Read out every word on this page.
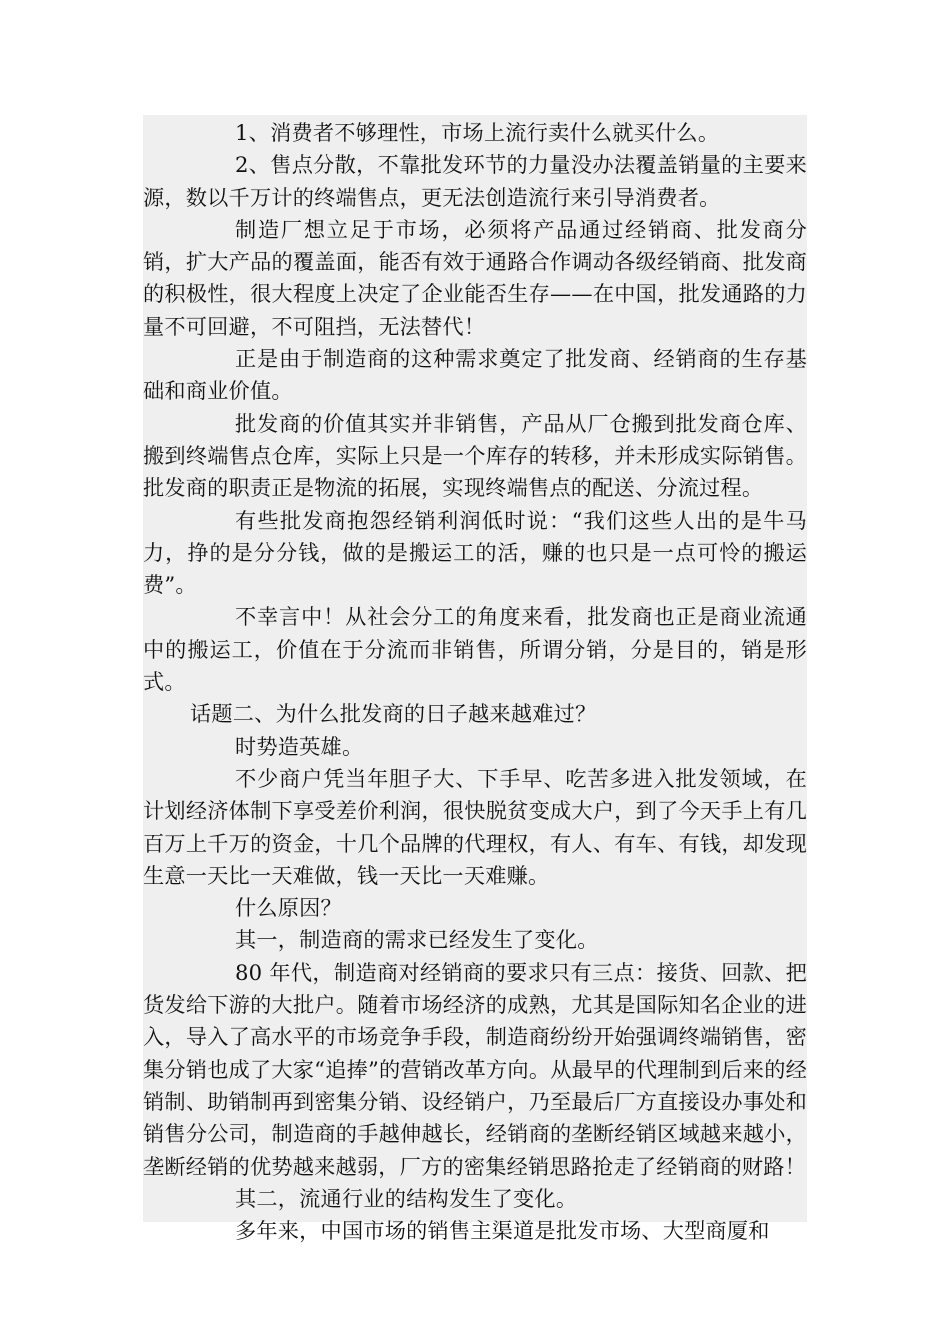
1、消费者不够理性，市场上流行卖什么就买什么。

2、售点分散，不靠批发环节的力量没办法覆盖销量的主要来源，数以千万计的终端售点，更无法创造流行来引导消费者。

制造厂想立足于市场，必须将产品通过经销商、批发商分销，扩大产品的覆盖面，能否有效于通路合作调动各级经销商、批发商的积极性，很大程度上决定了企业能否生存——在中国，批发通路的力量不可回避，不可阻挡，无法替代！

正是由于制造商的这种需求奠定了批发商、经销商的生存基础和商业价值。

批发商的价值其实并非销售，产品从厂仓搬到批发商仓库、搬到终端售点仓库，实际上只是一个库存的转移，并未形成实际销售。批发商的职责正是物流的拓展，实现终端售点的配送、分流过程。

有些批发商抱怨经销利润低时说：“我们这些人出的是牛马力，挣的是分分钱，做的是搬运工的活，赚的也只是一点可怜的搬运费”。

不幸言中！从社会分工的角度来看，批发商也正是商业流通中的搬运工，价值在于分流而非销售，所谓分销，分是目的，销是形式。

话题二、为什么批发商的日子越来越难过？

时势造英雄。

不少商户凭当年胆子大、下手早、吃苦多进入批发领域，在计划经济体制下享受差价利润，很快脱贫变成大户，到了今天手上有几百万上千万的资金，十几个品牌的代理权，有人、有车、有钱，却发现生意一天比一天难做，钱一天比一天难赚。

什么原因？

其一，制造商的需求已经发生了变化。

80 年代，制造商对经销商的要求只有三点：接货、回款、把货发给下游的大批户。随着市场经济的成熟，尤其是国际知名企业的进入，导入了高水平的市场竞争手段，制造商纷纷开始强调终端销售，密集分销也成了大家“追捧”的营销改革方向。从最早的代理制到后来的经销制、助销制再到密集分销、设经销户，乃至最后厂方直接设办事处和销售分公司，制造商的手越伸越长，经销商的垄断经销区域越来越小，垄断经销的优势越来越弱，厂方的密集经销思路抢走了经销商的财路！

其二，流通行业的结构发生了变化。

多年来，中国市场的销售主渠道是批发市场、大型商厦和
